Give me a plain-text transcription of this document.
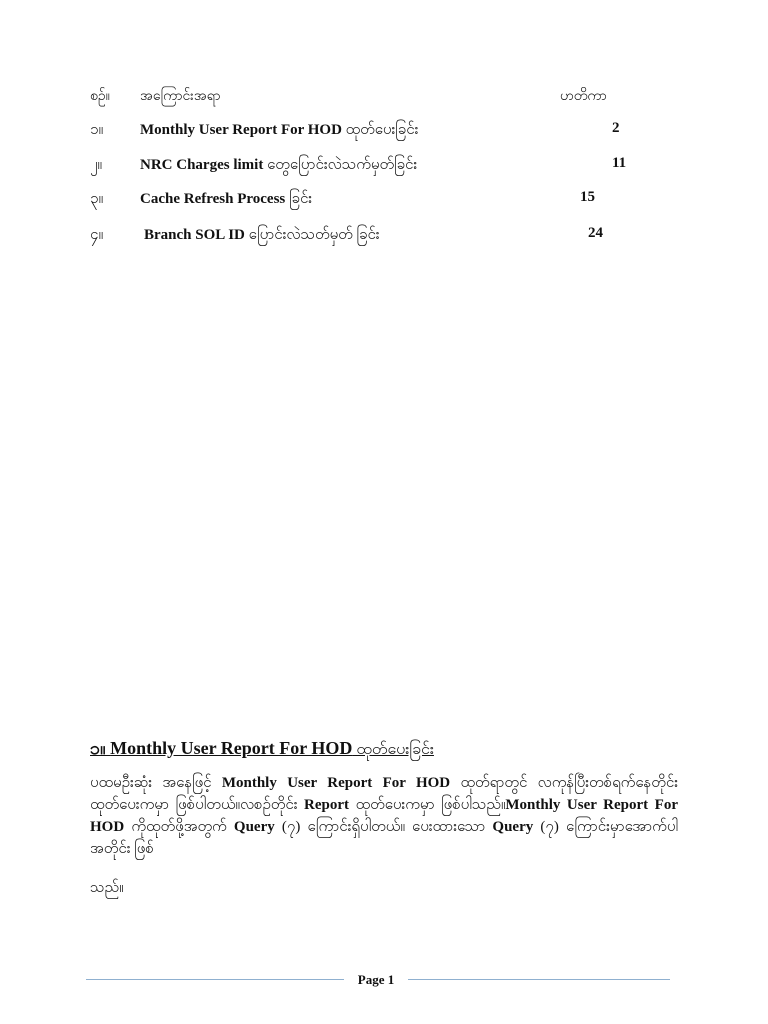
စဉ်။ အကြောင်းအရာ	ဟတိကာ
၁။ Monthly User Report For HOD ထုတ်ပေးခြင်း	2
၂။	NRC Charges limit တွေပြောင်းလဲသက်မှတ်ခြင်း	11
၃။ Cache Refresh Process ခြင်း	15
၄။	Branch SOL ID ပြောင်းလဲသတ်မှတ် ခြင်း	24
၁။ Monthly User Report For HOD ထုတ်ပေးခြင်း
ပထမဦးဆုံး အနေဖြင့် Monthly User Report For HOD ထုတ်ရာတွင် လကုန်ပြီးတစ်ရက်နေတိုင်း ထုတ်ပေးကမှာ ဖြစ်ပါတယ်။လစဉ်တိုင်း Report ထုတ်ပေးကမှာ ဖြစ်ပါသည်။Monthly User Report For HOD ကိုထုတ်ဖို့အတွက် Query (၇) ကြောင်းရှိပါတယ်။ ပေးထားသော Query (၇) ကြောင်းမှာအောက်ပါ အတိုင်း ဖြစ်
သည်။
Page 1
